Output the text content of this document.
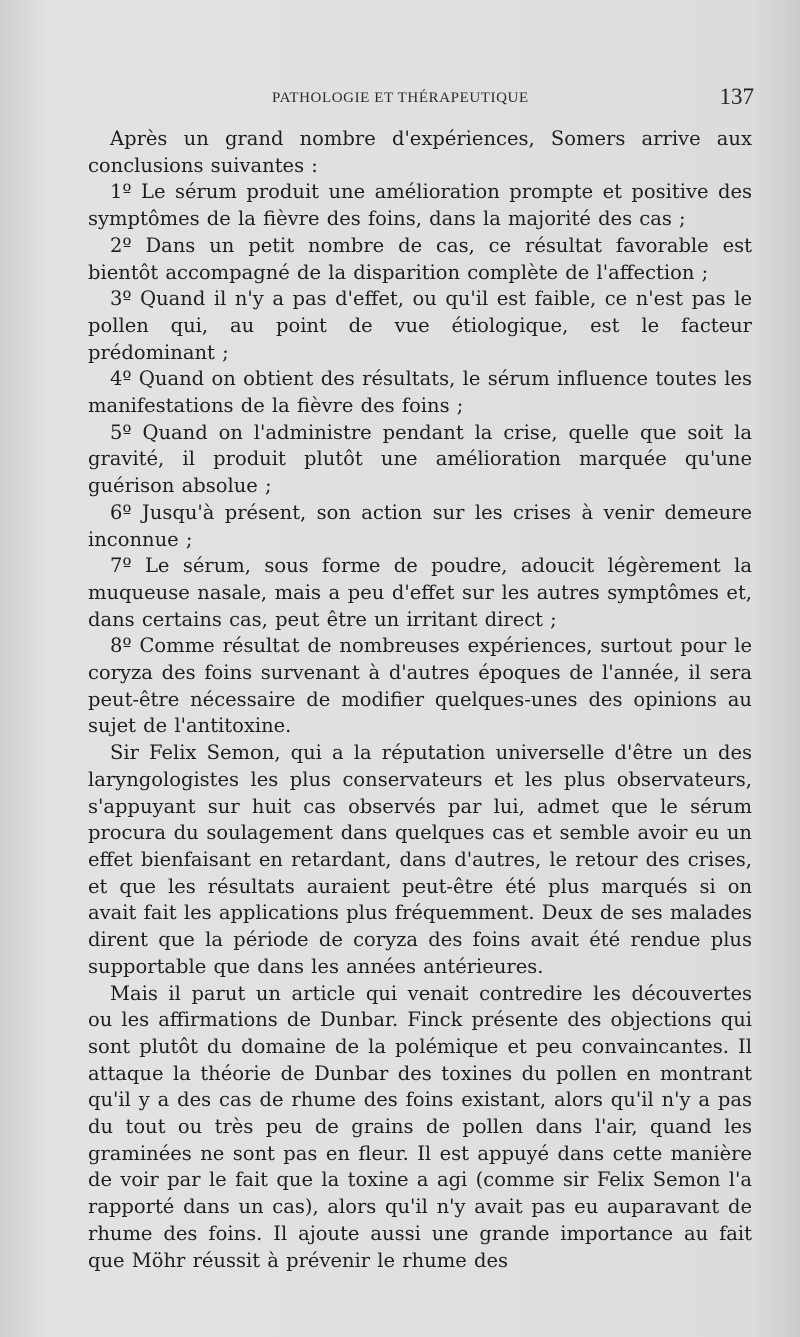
PATHOLOGIE ET THÉRAPEUTIQUE	137

Après un grand nombre d'expériences, Somers arrive aux conclusions suivantes :

1º Le sérum produit une amélioration prompte et positive des symptômes de la fièvre des foins, dans la majorité des cas ;

2º Dans un petit nombre de cas, ce résultat favorable est bientôt accompagné de la disparition complète de l'affection ;

3º Quand il n'y a pas d'effet, ou qu'il est faible, ce n'est pas le pollen qui, au point de vue étiologique, est le facteur prédominant ;

4º Quand on obtient des résultats, le sérum influence toutes les manifestations de la fièvre des foins ;

5º Quand on l'administre pendant la crise, quelle que soit la gravité, il produit plutôt une amélioration marquée qu'une guérison absolue ;

6º Jusqu'à présent, son action sur les crises à venir demeure inconnue ;

7º Le sérum, sous forme de poudre, adoucit légèrement la muqueuse nasale, mais a peu d'effet sur les autres symptômes et, dans certains cas, peut être un irritant direct ;

8º Comme résultat de nombreuses expériences, surtout pour le coryza des foins survenant à d'autres époques de l'année, il sera peut-être nécessaire de modifier quelques-unes des opinions au sujet de l'antitoxine.

Sir Felix Semon, qui a la réputation universelle d'être un des laryngologistes les plus conservateurs et les plus observateurs, s'appuyant sur huit cas observés par lui, admet que le sérum procura du soulagement dans quelques cas et semble avoir eu un effet bienfaisant en retardant, dans d'autres, le retour des crises, et que les résultats auraient peut-être été plus marqués si on avait fait les applications plus fréquemment. Deux de ses malades dirent que la période de coryza des foins avait été rendue plus supportable que dans les années antérieures.

Mais il parut un article qui venait contredire les découvertes ou les affirmations de Dunbar. Finck présente des objections qui sont plutôt du domaine de la polémique et peu convaincantes. Il attaque la théorie de Dunbar des toxines du pollen en montrant qu'il y a des cas de rhume des foins existant, alors qu'il n'y a pas du tout ou très peu de grains de pollen dans l'air, quand les graminées ne sont pas en fleur. Il est appuyé dans cette manière de voir par le fait que la toxine a agi (comme sir Felix Semon l'a rapporté dans un cas), alors qu'il n'y avait pas eu auparavant de rhume des foins. Il ajoute aussi une grande importance au fait que Möhr réussit à prévenir le rhume des
